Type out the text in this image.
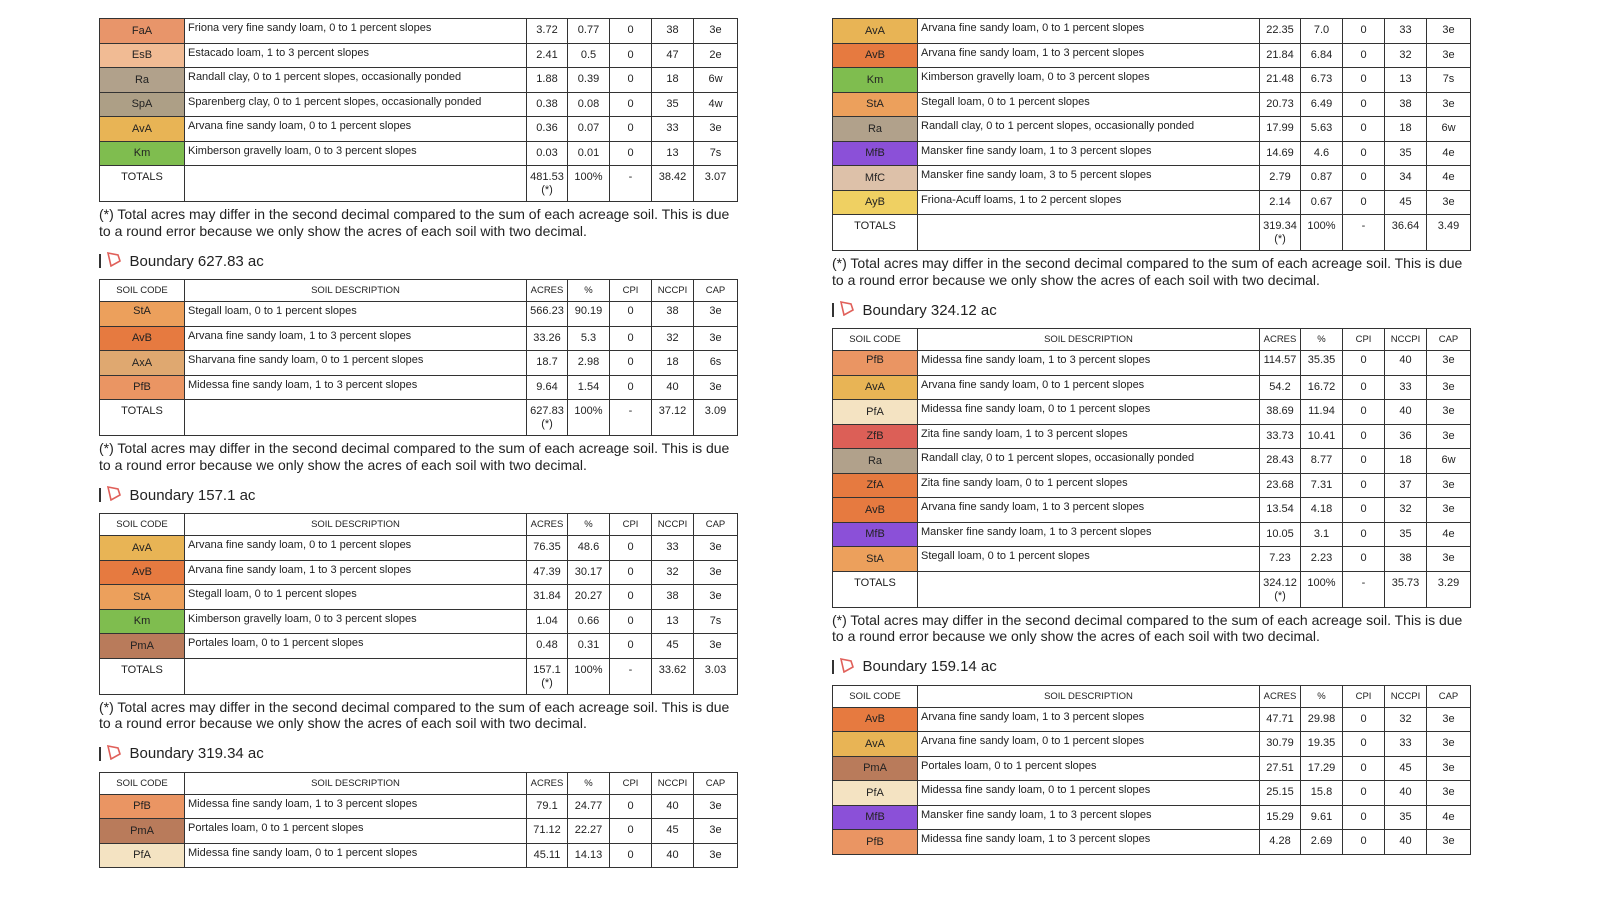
FaA	Friona very fine sandy loam, 0 to 1 percent slopes	3.72	0.77	0	38	3e
EsB	Estacado loam, 1 to 3 percent slopes	2.41	0.5	0	47	2e
Ra	Randall clay, 0 to 1 percent slopes, occasionally ponded	1.88	0.39	0	18	6w
SpA	Sparenberg clay, 0 to 1 percent slopes, occasionally ponded	0.38	0.08	0	35	4w
AvA	Arvana fine sandy loam, 0 to 1 percent slopes	0.36	0.07	0	33	3e
Km	Kimberson gravelly loam, 0 to 3 percent slopes	0.03	0.01	0	13	7s
TOTALS		481.53(*)	100%	-	38.42	3.07

(*) Total acres may differ in the second decimal compared to the sum of each acreage soil. This is due to a round error because we only show the acres of each soil with two decimal.

Boundary 627.83 ac
SOIL CODE	SOIL DESCRIPTION	ACRES	%	CPI	NCCPI	CAP
StA	Stegall loam, 0 to 1 percent slopes	566.23	90.19	0	38	3e
AvB	Arvana fine sandy loam, 1 to 3 percent slopes	33.26	5.3	0	32	3e
AxA	Sharvana fine sandy loam, 0 to 1 percent slopes	18.7	2.98	0	18	6s
PfB	Midessa fine sandy loam, 1 to 3 percent slopes	9.64	1.54	0	40	3e
TOTALS		627.83(*)	100%	-	37.12	3.09

(*) Total acres may differ in the second decimal compared to the sum of each acreage soil. This is due to a round error because we only show the acres of each soil with two decimal.

Boundary 157.1 ac
SOIL CODE	SOIL DESCRIPTION	ACRES	%	CPI	NCCPI	CAP
AvA	Arvana fine sandy loam, 0 to 1 percent slopes	76.35	48.6	0	33	3e
AvB	Arvana fine sandy loam, 1 to 3 percent slopes	47.39	30.17	0	32	3e
StA	Stegall loam, 0 to 1 percent slopes	31.84	20.27	0	38	3e
Km	Kimberson gravelly loam, 0 to 3 percent slopes	1.04	0.66	0	13	7s
PmA	Portales loam, 0 to 1 percent slopes	0.48	0.31	0	45	3e
TOTALS		157.1(*)	100%	-	33.62	3.03

(*) Total acres may differ in the second decimal compared to the sum of each acreage soil. This is due to a round error because we only show the acres of each soil with two decimal.

Boundary 319.34 ac
SOIL CODE	SOIL DESCRIPTION	ACRES	%	CPI	NCCPI	CAP
PfB	Midessa fine sandy loam, 1 to 3 percent slopes	79.1	24.77	0	40	3e
PmA	Portales loam, 0 to 1 percent slopes	71.12	22.27	0	45	3e
PfA	Midessa fine sandy loam, 0 to 1 percent slopes	45.11	14.13	0	40	3e
AvA	Arvana fine sandy loam, 0 to 1 percent slopes	22.35	7.0	0	33	3e
AvB	Arvana fine sandy loam, 1 to 3 percent slopes	21.84	6.84	0	32	3e
Km	Kimberson gravelly loam, 0 to 3 percent slopes	21.48	6.73	0	13	7s
StA	Stegall loam, 0 to 1 percent slopes	20.73	6.49	0	38	3e
Ra	Randall clay, 0 to 1 percent slopes, occasionally ponded	17.99	5.63	0	18	6w
MfB	Mansker fine sandy loam, 1 to 3 percent slopes	14.69	4.6	0	35	4e
MfC	Mansker fine sandy loam, 3 to 5 percent slopes	2.79	0.87	0	34	4e
AyB	Friona-Acuff loams, 1 to 2 percent slopes	2.14	0.67	0	45	3e
TOTALS		319.34(*)	100%	-	36.64	3.49

(*) Total acres may differ in the second decimal compared to the sum of each acreage soil. This is due to a round error because we only show the acres of each soil with two decimal.

Boundary 324.12 ac
SOIL CODE	SOIL DESCRIPTION	ACRES	%	CPI	NCCPI	CAP
PfB	Midessa fine sandy loam, 1 to 3 percent slopes	114.57	35.35	0	40	3e
AvA	Arvana fine sandy loam, 0 to 1 percent slopes	54.2	16.72	0	33	3e
PfA	Midessa fine sandy loam, 0 to 1 percent slopes	38.69	11.94	0	40	3e
ZfB	Zita fine sandy loam, 1 to 3 percent slopes	33.73	10.41	0	36	3e
Ra	Randall clay, 0 to 1 percent slopes, occasionally ponded	28.43	8.77	0	18	6w
ZfA	Zita fine sandy loam, 0 to 1 percent slopes	23.68	7.31	0	37	3e
AvB	Arvana fine sandy loam, 1 to 3 percent slopes	13.54	4.18	0	32	3e
MfB	Mansker fine sandy loam, 1 to 3 percent slopes	10.05	3.1	0	35	4e
StA	Stegall loam, 0 to 1 percent slopes	7.23	2.23	0	38	3e
TOTALS		324.12(*)	100%	-	35.73	3.29

(*) Total acres may differ in the second decimal compared to the sum of each acreage soil. This is due to a round error because we only show the acres of each soil with two decimal.

Boundary 159.14 ac
SOIL CODE	SOIL DESCRIPTION	ACRES	%	CPI	NCCPI	CAP
AvB	Arvana fine sandy loam, 1 to 3 percent slopes	47.71	29.98	0	32	3e
AvA	Arvana fine sandy loam, 0 to 1 percent slopes	30.79	19.35	0	33	3e
PmA	Portales loam, 0 to 1 percent slopes	27.51	17.29	0	45	3e
PfA	Midessa fine sandy loam, 0 to 1 percent slopes	25.15	15.8	0	40	3e
MfB	Mansker fine sandy loam, 1 to 3 percent slopes	15.29	9.61	0	35	4e
PfB	Midessa fine sandy loam, 1 to 3 percent slopes	4.28	2.69	0	40	3e
